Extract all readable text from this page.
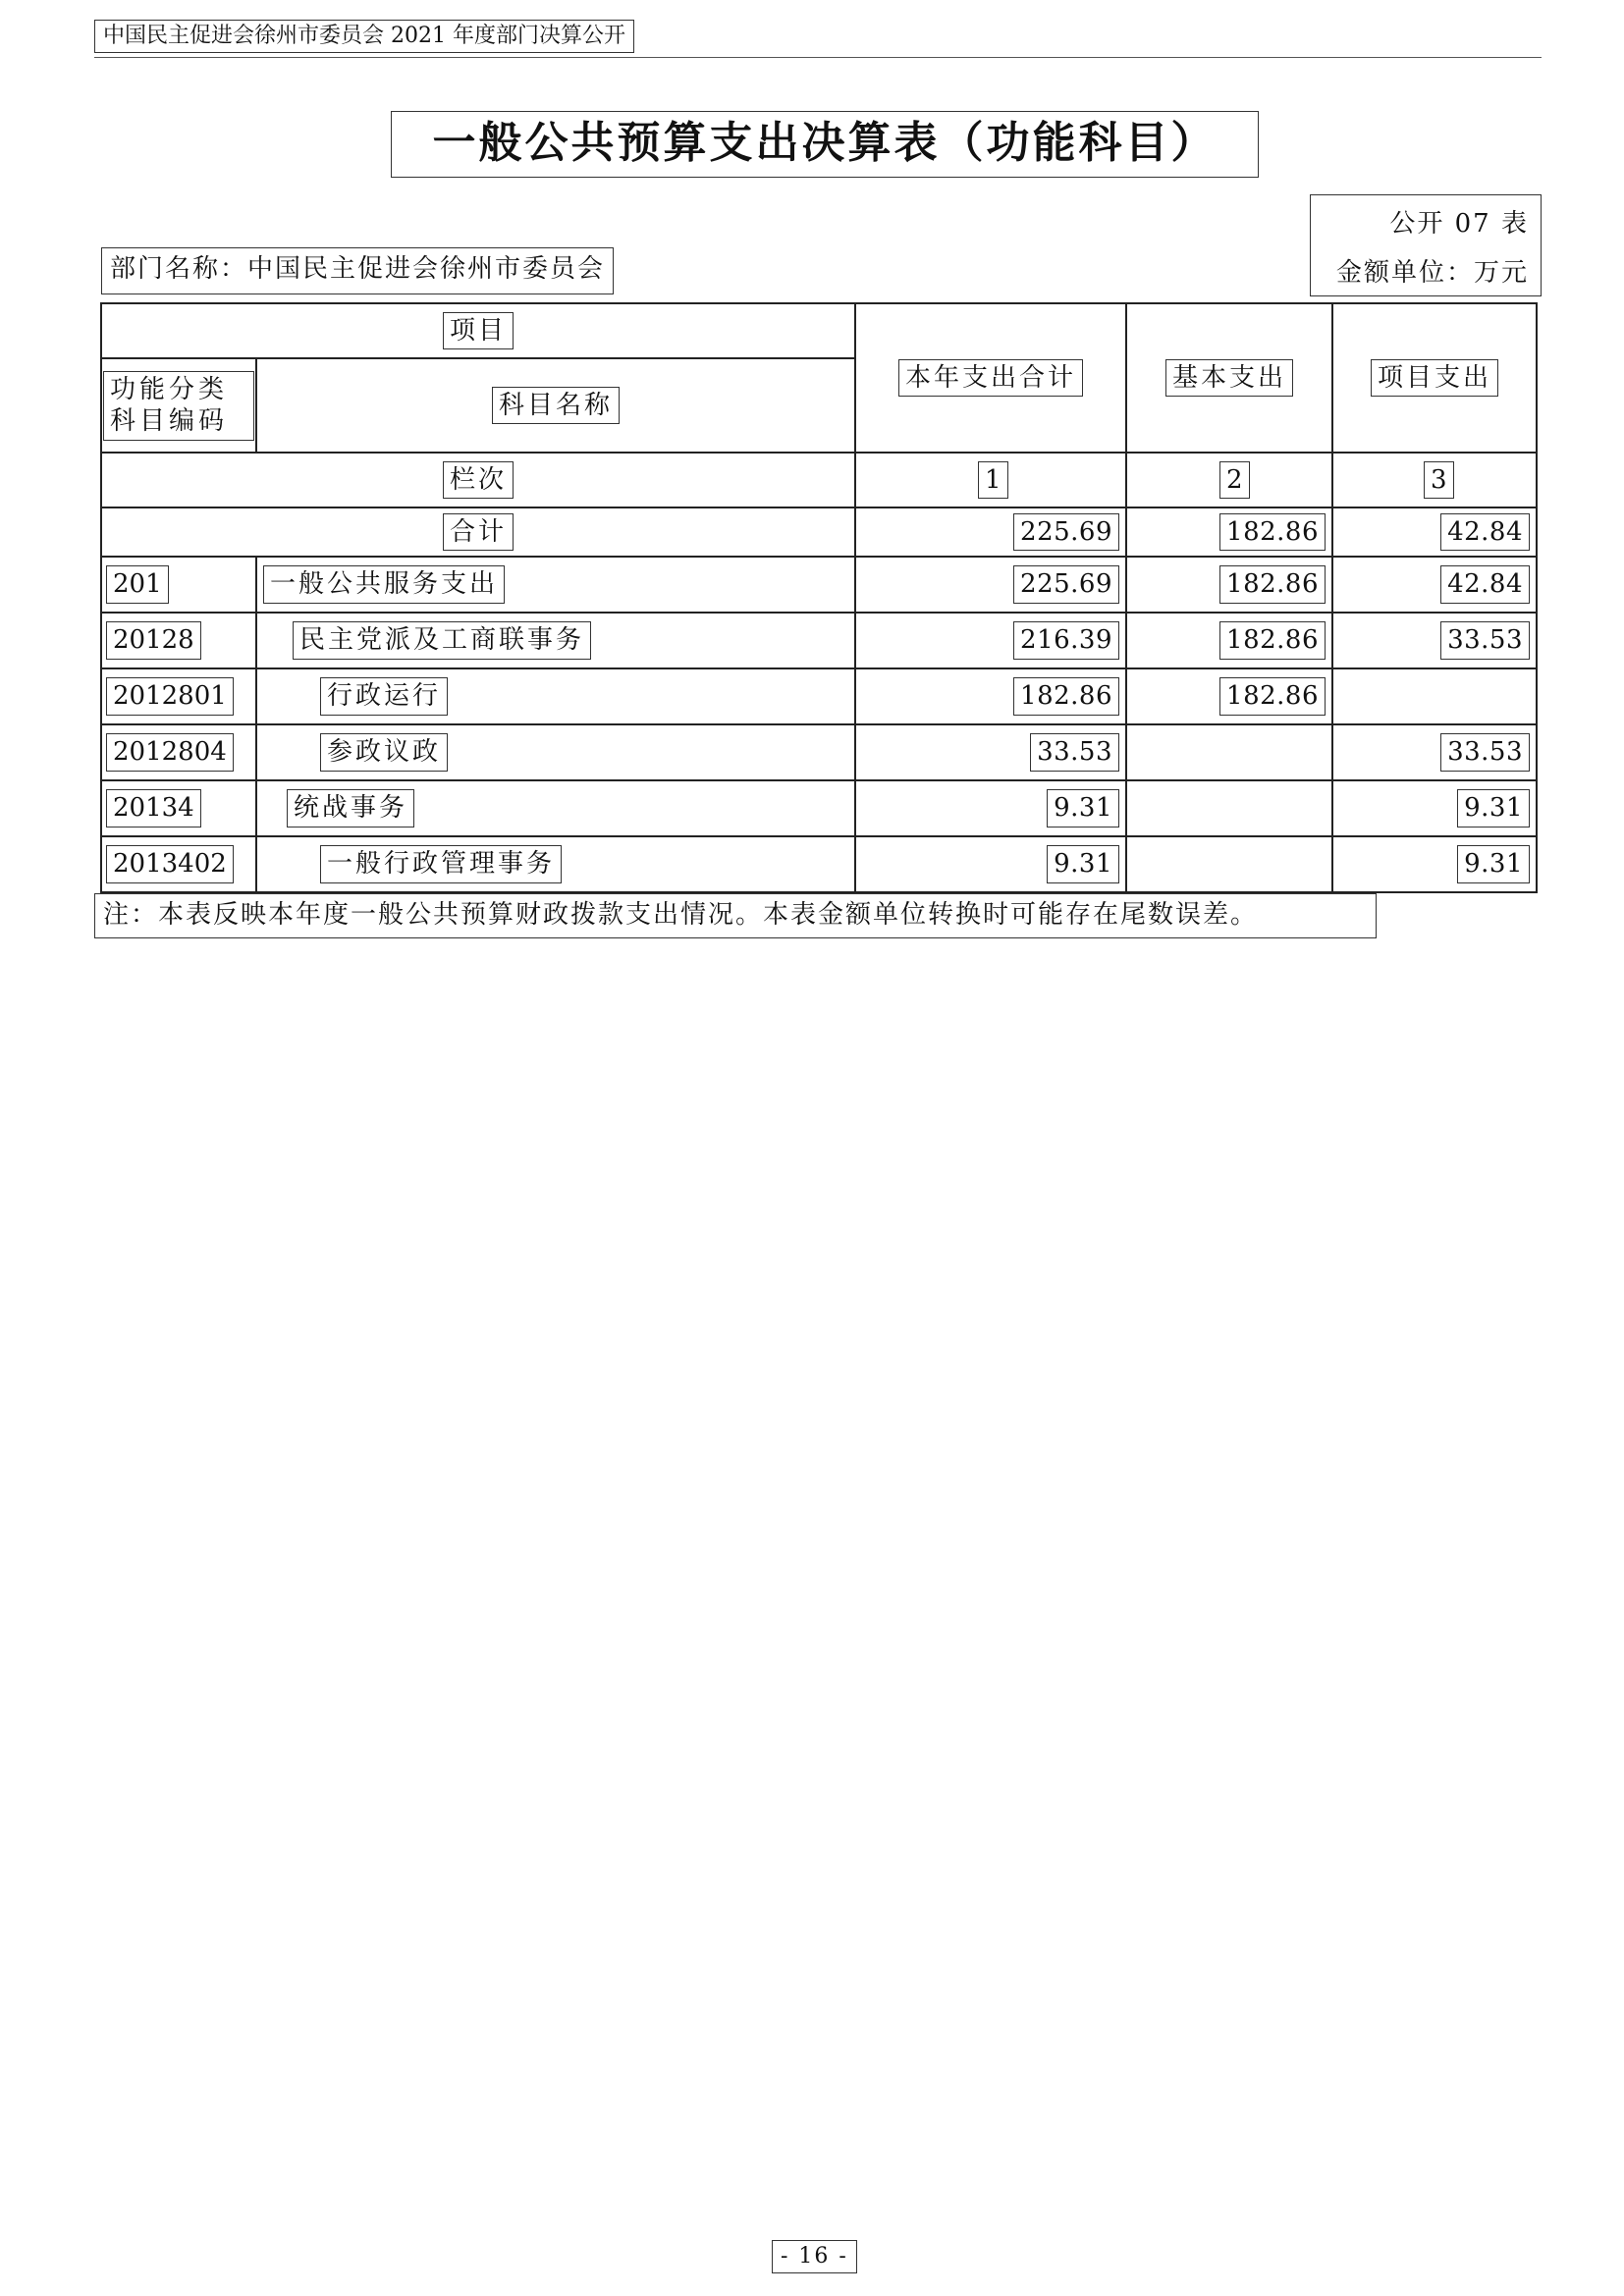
中国民主促进会徐州市委员会 2021 年度部门决算公开
一般公共预算支出决算表（功能科目）
公开 07 表
金额单位：万元
部门名称：中国民主促进会徐州市委员会
项目		本年支出合计	基本支出	项目支出
功能分类科目编码	科目名称			
栏次		1	2	3
合计		225.69	182.86	42.84
201	一般公共服务支出	225.69	182.86	42.84
20128	民主党派及工商联事务	216.39	182.86	33.53
2012801	行政运行	182.86	182.86	
2012804	参政议政	33.53		33.53
20134	统战事务	9.31		9.31
2013402	一般行政管理事务	9.31		9.31
注：本表反映本年度一般公共预算财政拨款支出情况。本表金额单位转换时可能存在尾数误差。
- 16 -
